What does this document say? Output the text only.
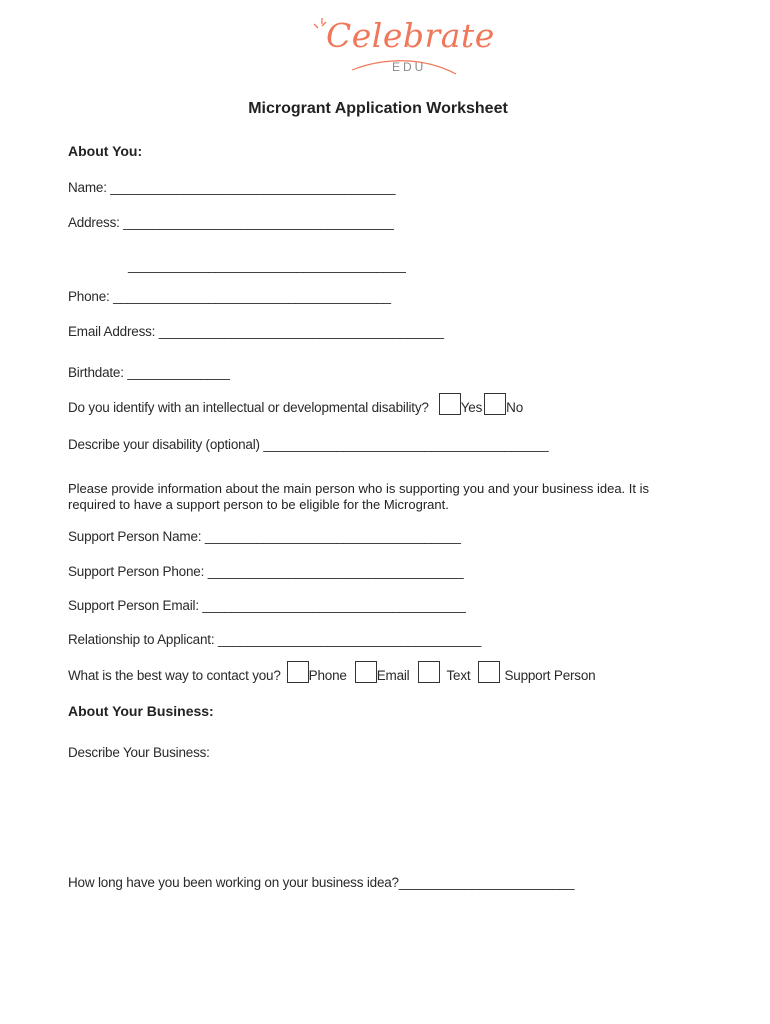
Celebrate
EDU
Microgrant Application Worksheet
About You:
Name: _______________________________________
Address: _____________________________________
______________________________________
Phone: ______________________________________
Email Address: _______________________________________
Birthdate: ______________
Do you identify with an intellectual or developmental disability? Yes No
Describe your disability (optional) _______________________________________
Please provide information about the main person who is supporting you and your business idea. It is required to have a support person to be eligible for the Microgrant.
Support Person Name: ___________________________________
Support Person Phone: ___________________________________
Support Person Email: ____________________________________
Relationship to Applicant: ____________________________________
What is the best way to contact you? Phone Email	Text	Support Person
About Your Business:
Describe Your Business:
How long have you been working on your business idea?________________________
